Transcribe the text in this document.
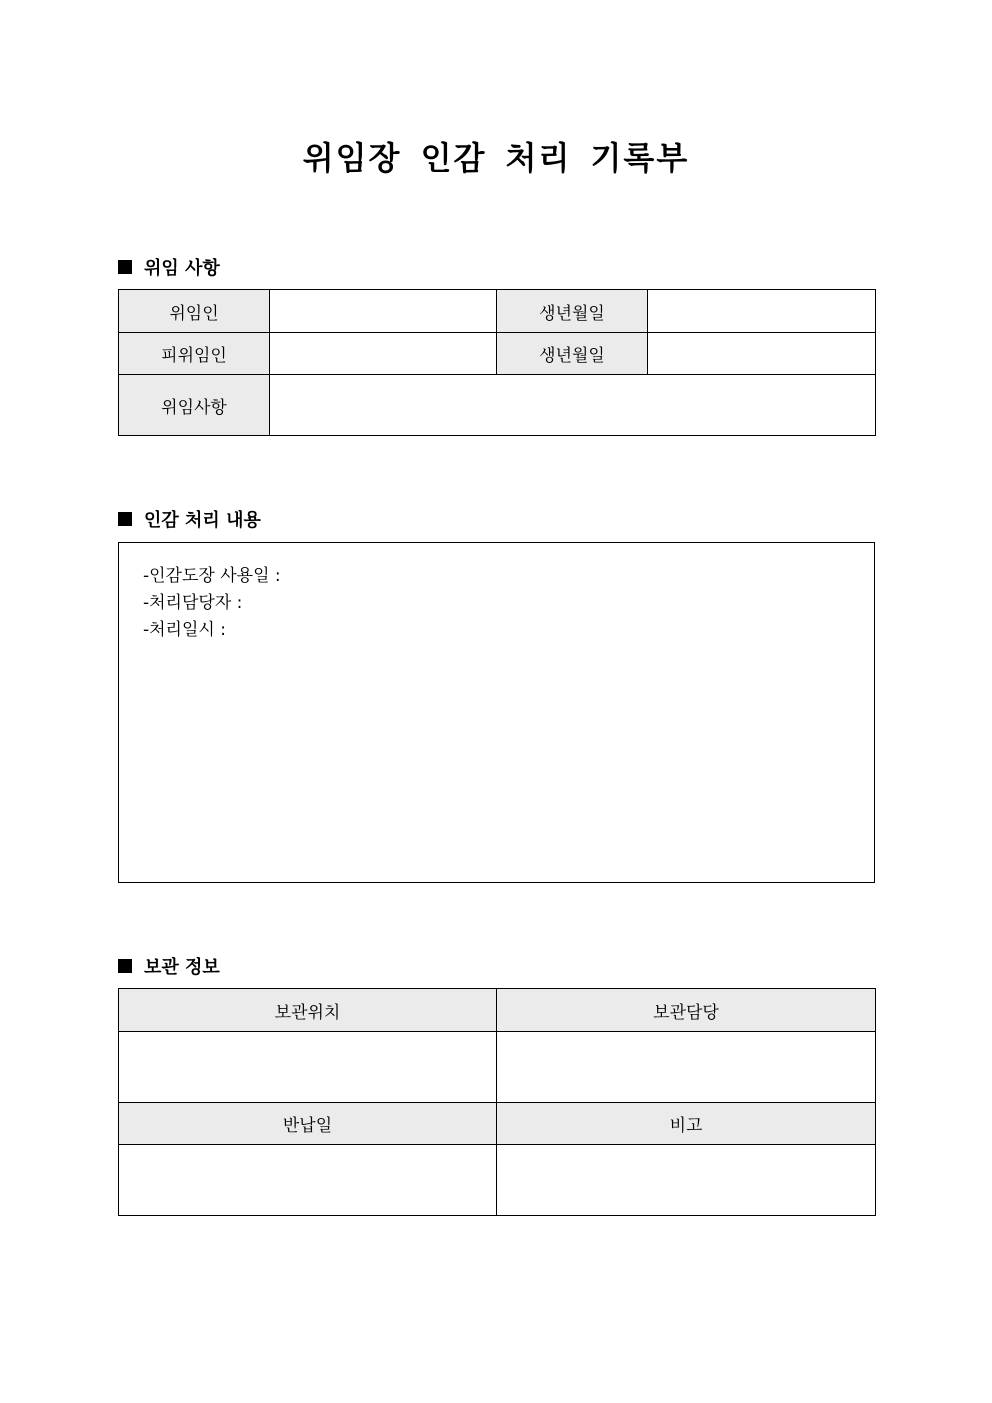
위임장 인감 처리 기록부
위임 사항
위임인		생년월일	
피위임인		생년월일	
위임사항			
인감 처리 내용
-인감도장 사용일 :
-처리담당자 :
-처리일시 :
보관 정보
보관위치	보관담당

반납일	비고
